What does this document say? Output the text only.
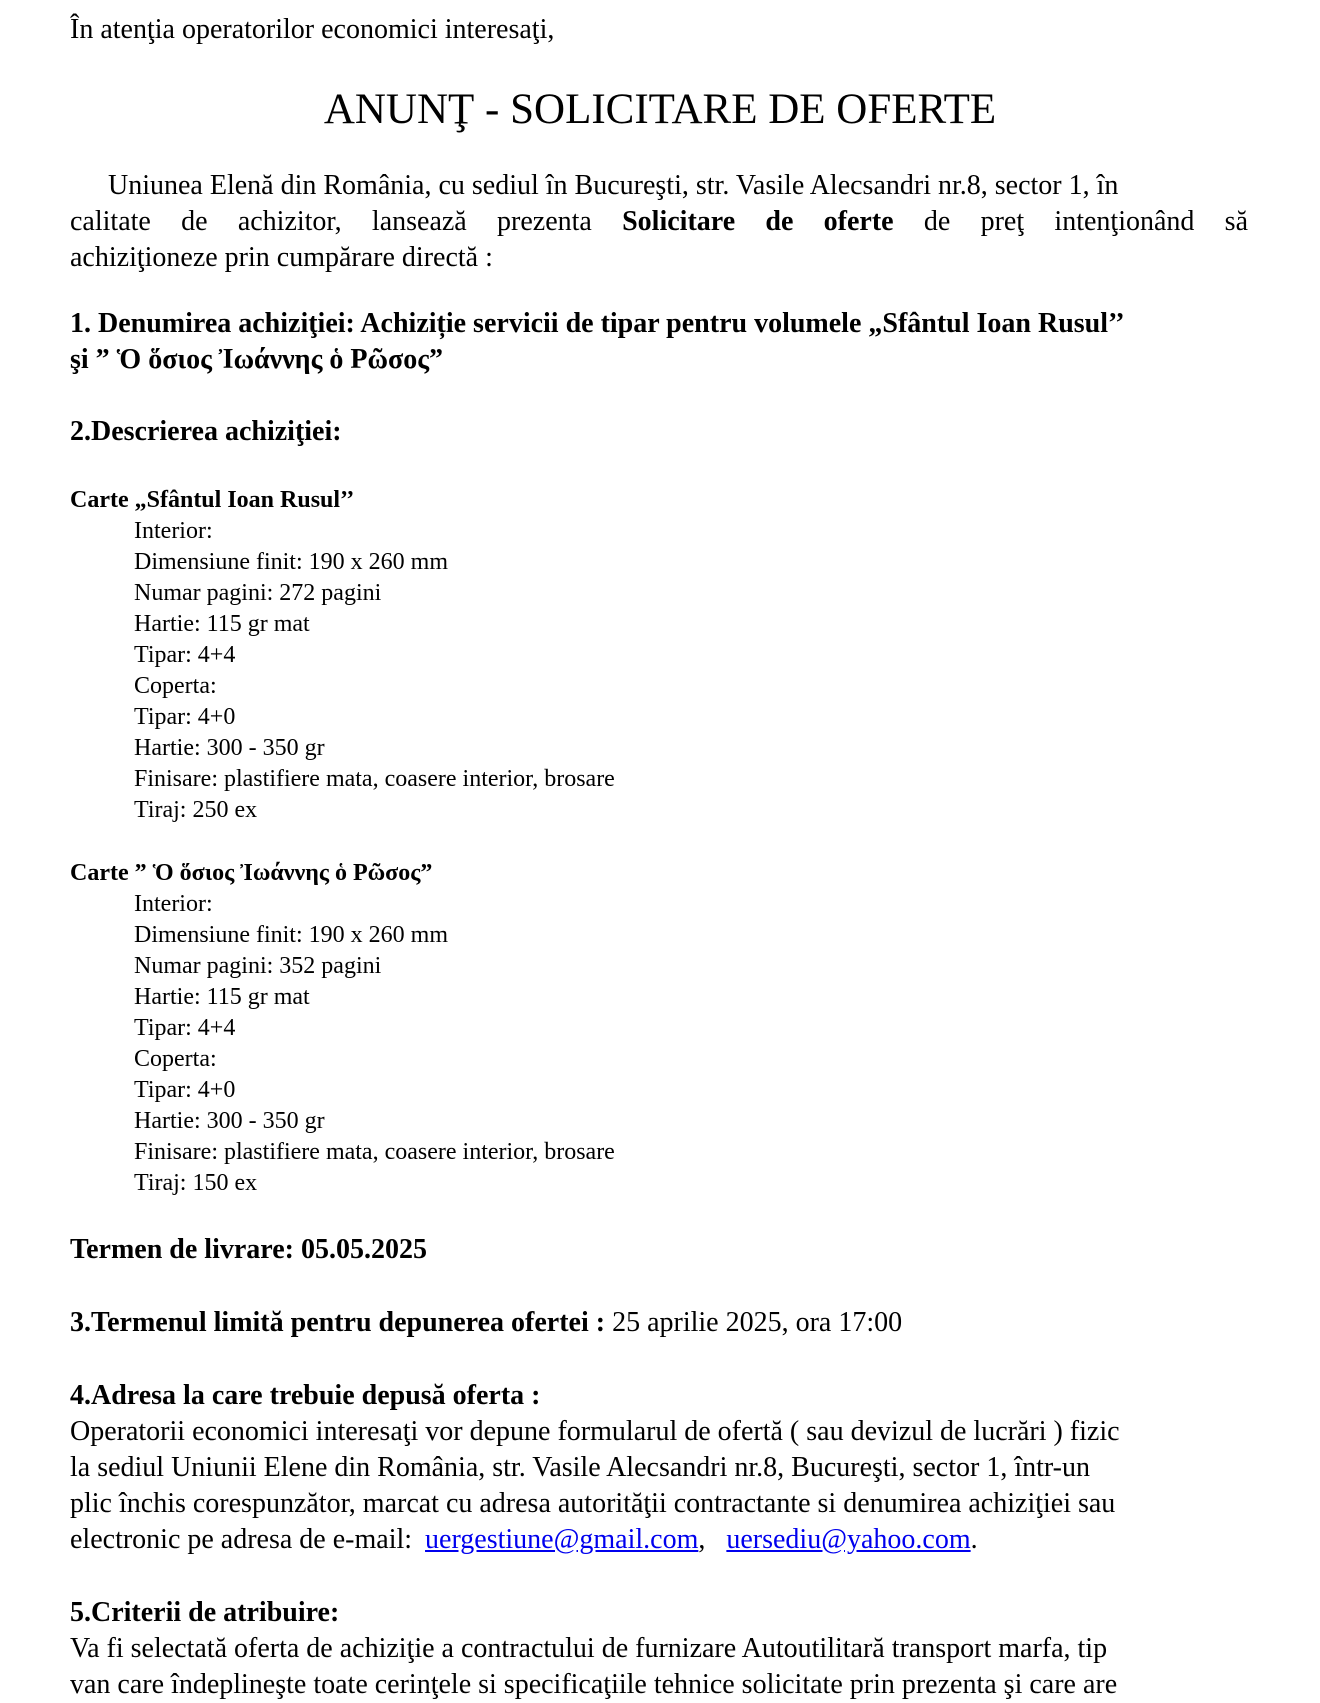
În atenţia operatorilor economici interesaţi,
ANUNŢ - SOLICITARE DE OFERTE
Uniunea Elenă din România, cu sediul în Bucureşti, str. Vasile Alecsandri nr.8, sector 1, în
calitate de achizitor, lansează prezenta Solicitare de oferte de preţ intenţionând să
achiziţioneze prin cumpărare directă :
1. Denumirea achiziţiei: Achiziție servicii de tipar pentru volumele „Sfântul Ioan Rusul’’
şi ” Ὁ ὅσιος Ἰωάννης ὁ Ρῶσος”
2.Descrierea achiziţiei:
Carte „Sfântul Ioan Rusul’’
Interior:
Dimensiune finit: 190 x 260 mm
Numar pagini: 272 pagini
Hartie: 115 gr mat
Tipar: 4+4
Coperta:
Tipar: 4+0
Hartie: 300 - 350 gr
Finisare: plastifiere mata, coasere interior, brosare
Tiraj: 250 ex
Carte ” Ὁ ὅσιος Ἰωάννης ὁ Ρῶσος”
Interior:
Dimensiune finit: 190 x 260 mm
Numar pagini: 352 pagini
Hartie: 115 gr mat
Tipar: 4+4
Coperta:
Tipar: 4+0
Hartie: 300 - 350 gr
Finisare: plastifiere mata, coasere interior, brosare
Tiraj: 150 ex
Termen de livrare: 05.05.2025
3.Termenul limită pentru depunerea ofertei : 25 aprilie 2025, ora 17:00
4.Adresa la care trebuie depusă oferta :
Operatorii economici interesaţi vor depune formularul de ofertă ( sau devizul de lucrări ) fizic
la sediul Uniunii Elene din România, str. Vasile Alecsandri nr.8, Bucureşti, sector 1, într-un
plic închis corespunzător, marcat cu adresa autorităţii contractante si denumirea achiziţiei sau
electronic pe adresa de e-mail: uergestiune@gmail.com, uersediu@yahoo.com.
5.Criterii de atribuire:
Va fi selectată oferta de achiziţie a contractului de furnizare Autoutilitară transport marfa, tip
van care îndeplineşte toate cerinţele si specificaţiile tehnice solicitate prin prezenta şi care are
